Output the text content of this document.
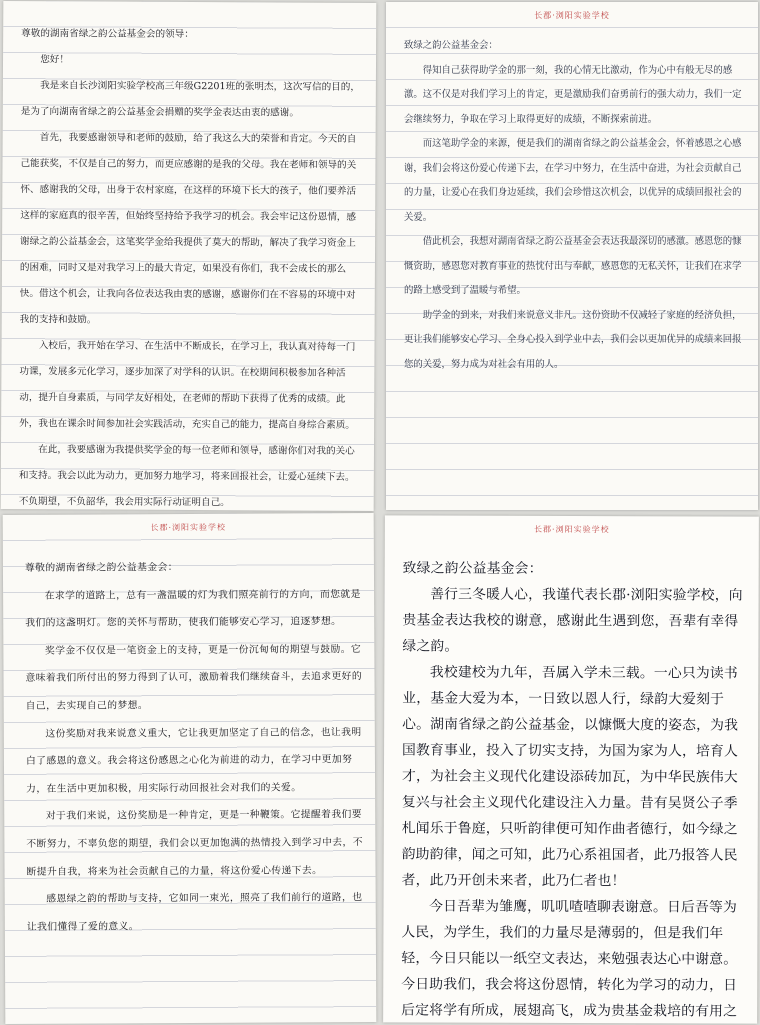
尊敬的湖南省绿之韵公益基金会的领导：

您好！

我是来自长沙浏阳实验学校高三年级G2201班的张明杰，这次写信的目的，是为了向湖南省绿之韵公益基金会捐赠的奖学金表达由衷的感谢。

首先，我要感谢领导和老师的鼓励，给了我这么大的荣誉和肯定。今天的自己能获奖，不仅是自己的努力，而更应感谢的是我的父母。我在老师和领导的关怀、感谢我的父母，出身于农村家庭，在这样的环境下长大的孩子，他们要养活这样的家庭真的很辛苦，但始终坚持给予我学习的机会。我会牢记这份恩情，感谢绿之韵公益基金会，这笔奖学金给我提供了莫大的帮助，解决了我学习资金上的困难，同时又是对我学习上的最大肯定，如果没有你们，我不会成长的那么快。借这个机会，让我向各位表达我由衷的感谢，感谢你们在不容易的环境中对我的支持和鼓励。

入校后，我开始在学习、在生活中不断成长，在学习上，我认真对待每一门功课，发展多元化学习，逐步加深了对学科的认识。在校期间积极参加各种活动，提升自身素质，与同学友好相处，在老师的帮助下获得了优秀的成绩。此外，我也在课余时间参加社会实践活动，充实自己的能力，提高自身综合素质。

在此，我要感谢为我提供奖学金的每一位老师和领导，感谢你们对我的关心和支持。我会以此为动力，更加努力地学习，将来回报社会，让爱心延续下去。不负期望，不负韶华，我会用实际行动证明自己。

长郡·浏阳实验学校

致绿之韵公益基金会：

得知自己获得助学金的那一刻，我的心情无比激动，作为心中有般无尽的感激。这不仅是对我们学习上的肯定，更是激励我们奋勇前行的强大动力，我们一定会继续努力，争取在学习上取得更好的成绩，不断探索前进。

而这笔助学金的来源，便是我们的湖南省绿之韵公益基金会，怀着感恩之心感谢，我们会将这份爱心传递下去，在学习中努力，在生活中奋进，为社会贡献自己的力量，让爱心在我们身边延续，我们会珍惜这次机会，以优异的成绩回报社会的关爱。

借此机会，我想对湖南省绿之韵公益基金会表达我最深切的感激。感恩您的慷慨资助，感恩您对教育事业的热忱付出与奉献，感恩您的无私关怀，让我们在求学的路上感受到了温暖与希望。

助学金的到来，对我们来说意义非凡。这份资助不仅减轻了家庭的经济负担，更让我们能够安心学习、全身心投入到学业中去，我们会以更加优异的成绩来回报您的关爱，努力成为对社会有用的人。

长郡·浏阳实验学校

尊敬的湖南省绿之韵公益基金会：

在求学的道路上，总有一盏温暖的灯为我们照亮前行的方向，而您就是我们的这盏明灯。您的关怀与帮助，使我们能够安心学习，追逐梦想。

奖学金不仅仅是一笔资金上的支持，更是一份沉甸甸的期望与鼓励。它意味着我们所付出的努力得到了认可，激励着我们继续奋斗，去追求更好的自己，去实现自己的梦想。

这份奖励对我来说意义重大，它让我更加坚定了自己的信念，也让我明白了感恩的意义。我会将这份感恩之心化为前进的动力，在学习中更加努力，在生活中更加积极，用实际行动回报社会对我们的关爱。

对于我们来说，这份奖励是一种肯定，更是一种鞭策。它提醒着我们要不断努力，不辜负您的期望，我们会以更加饱满的热情投入到学习中去，不断提升自我，将来为社会贡献自己的力量，将这份爱心传递下去。

感恩绿之韵的帮助与支持，它如同一束光，照亮了我们前行的道路，也让我们懂得了爱的意义。

长郡·浏阳实验学校

致绿之韵公益基金会：

善行三冬暖人心，我谨代表长郡·浏阳实验学校，向贵基金表达我校的谢意，感谢此生遇到您，吾辈有幸得绿之韵。

我校建校为九年，吾属入学未三载。一心只为读书业，基金大爱为本，一日致以恩人行，绿韵大爱刻于心。湖南省绿之韵公益基金，以慷慨大度的姿态，为我国教育事业，投入了切实支持，为国为家为人，培育人才，为社会主义现代化建设添砖加瓦，为中华民族伟大复兴与社会主义现代化建设注入力量。昔有吴贤公子季札闻乐于鲁庭，只听韵律便可知作曲者德行，如今绿之韵助韵律，闻之可知，此乃心系祖国者，此乃报答人民者，此乃开创未来者，此乃仁者也！

今日吾辈为雏鹰，叽叽喳喳聊表谢意。日后吾等为人民，为学生，我们的力量尽是薄弱的，但是我们年轻，今日只能以一纸空文表达，来勉强表达心中谢意。今日助我们，我会将这份恩情，转化为学习的动力，日后定将学有所成，展翅高飞，成为贵基金栽培的有用之材！你若盛开，蝴蝶自来，带着一身勇气，这份恩情，我们用一辈子报答。
